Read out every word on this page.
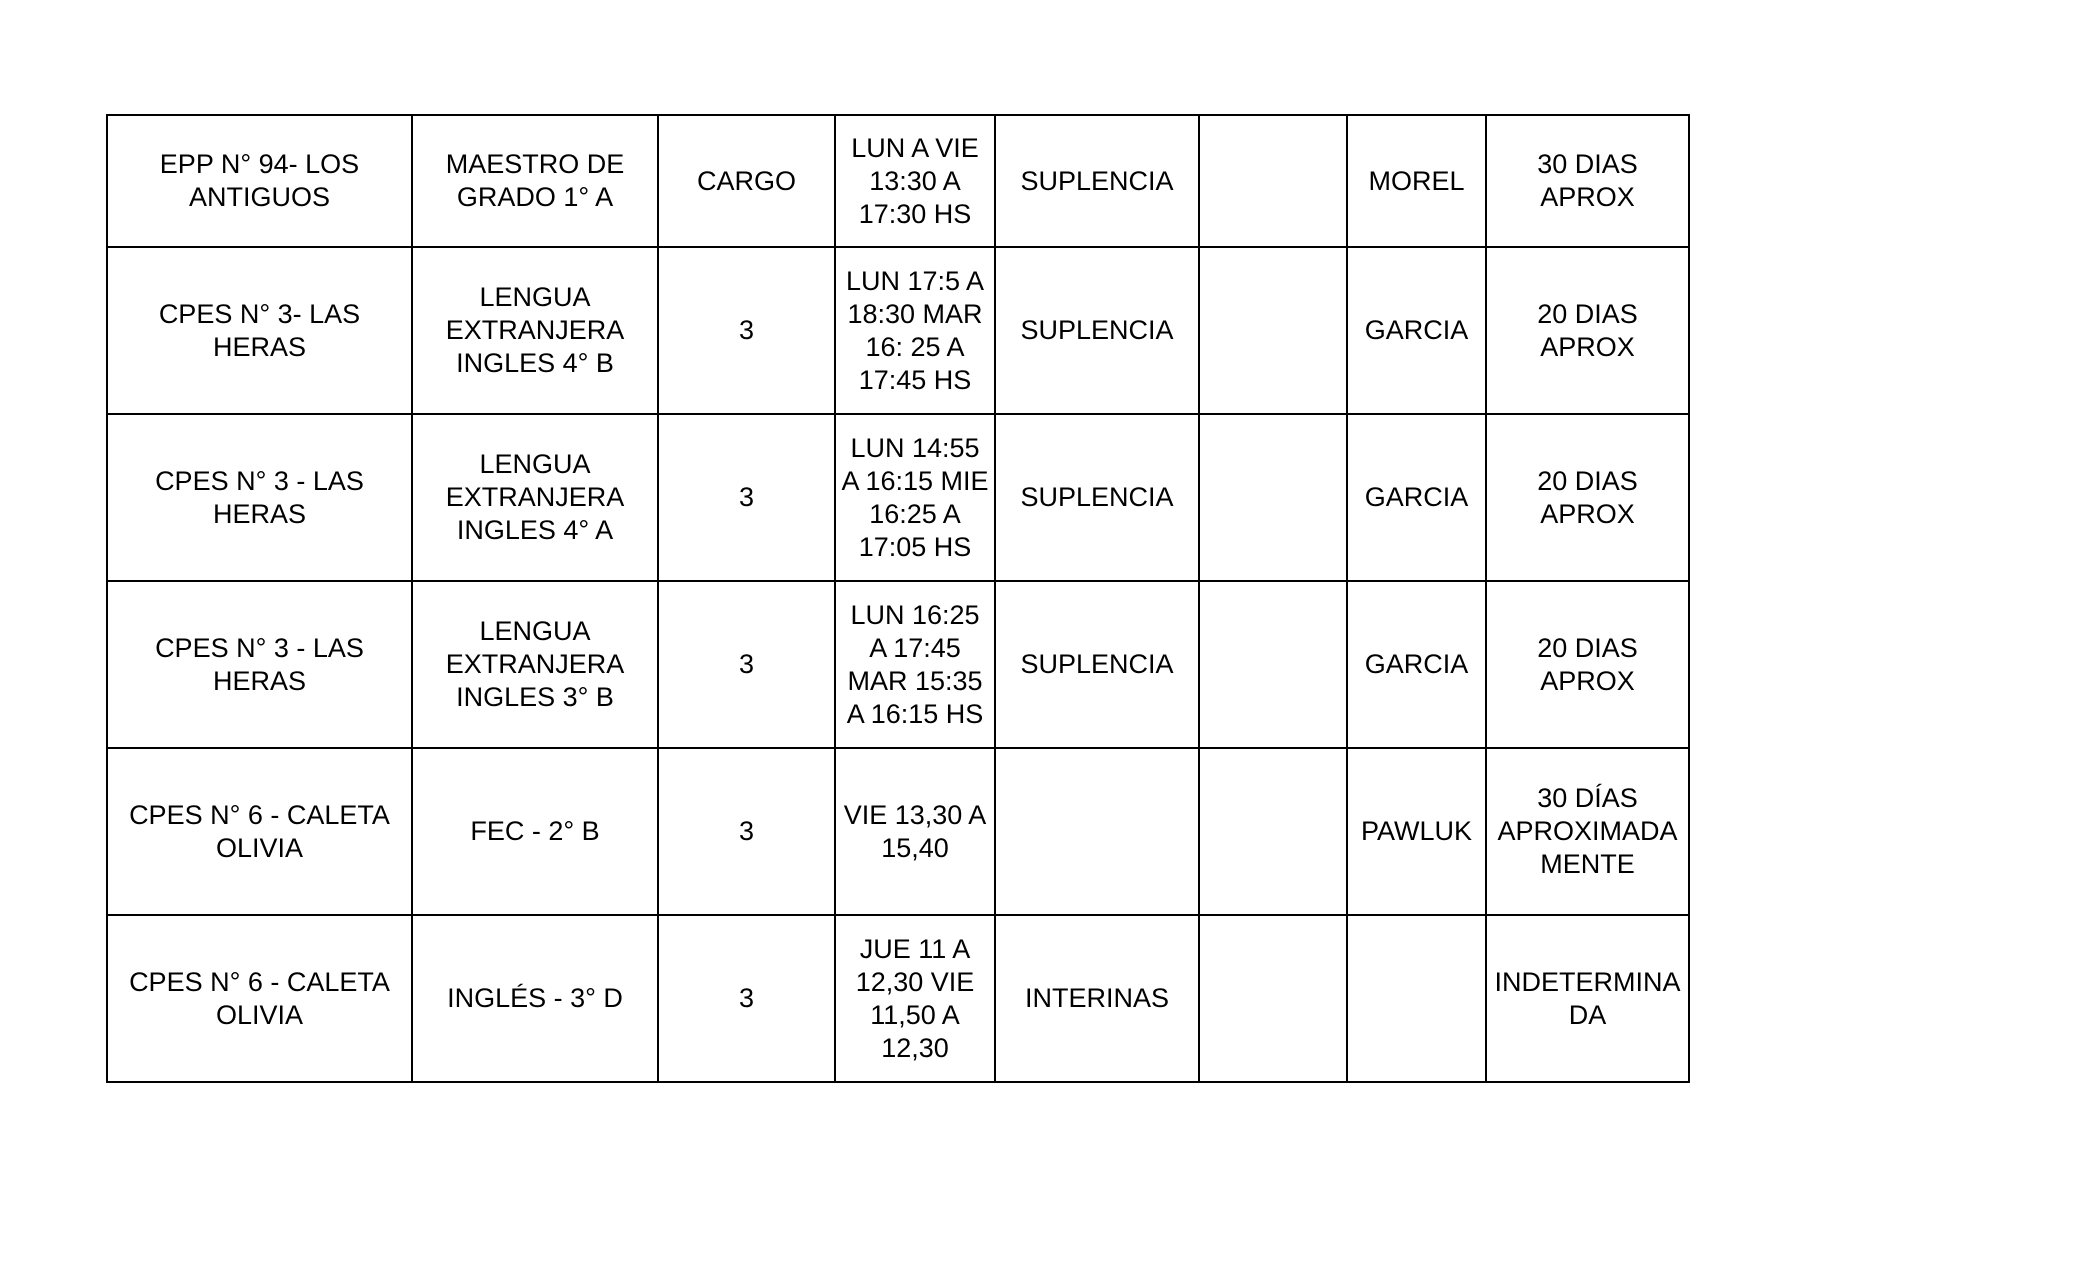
EPP N° 94- LOS
ANTIGUOS	MAESTRO DE
GRADO 1° A	CARGO	LUN A VIE
13:30 A
17:30 HS	SUPLENCIA		MOREL	30 DIAS
APROX
CPES N° 3- LAS
HERAS	LENGUA
EXTRANJERA
INGLES 4° B	3	LUN 17:5 A
18:30 MAR
16: 25 A
17:45 HS	SUPLENCIA		GARCIA	20 DIAS
APROX
CPES N° 3 - LAS
HERAS	LENGUA
EXTRANJERA
INGLES 4° A	3	LUN 14:55
A 16:15 MIE
16:25 A
17:05 HS	SUPLENCIA		GARCIA	20 DIAS
APROX
CPES N° 3 - LAS
HERAS	LENGUA
EXTRANJERA
INGLES 3° B	3	LUN 16:25
A 17:45
MAR 15:35
A 16:15 HS	SUPLENCIA		GARCIA	20 DIAS
APROX
CPES N° 6 - CALETA
OLIVIA	FEC - 2° B	3	VIE 13,30 A
15,40			PAWLUK	30 DÍAS
APROXIMADA
MENTE
CPES N° 6 - CALETA
OLIVIA	INGLÉS - 3° D	3	JUE 11 A
12,30 VIE
11,50 A
12,30	INTERINAS			INDETERMINA
DA
